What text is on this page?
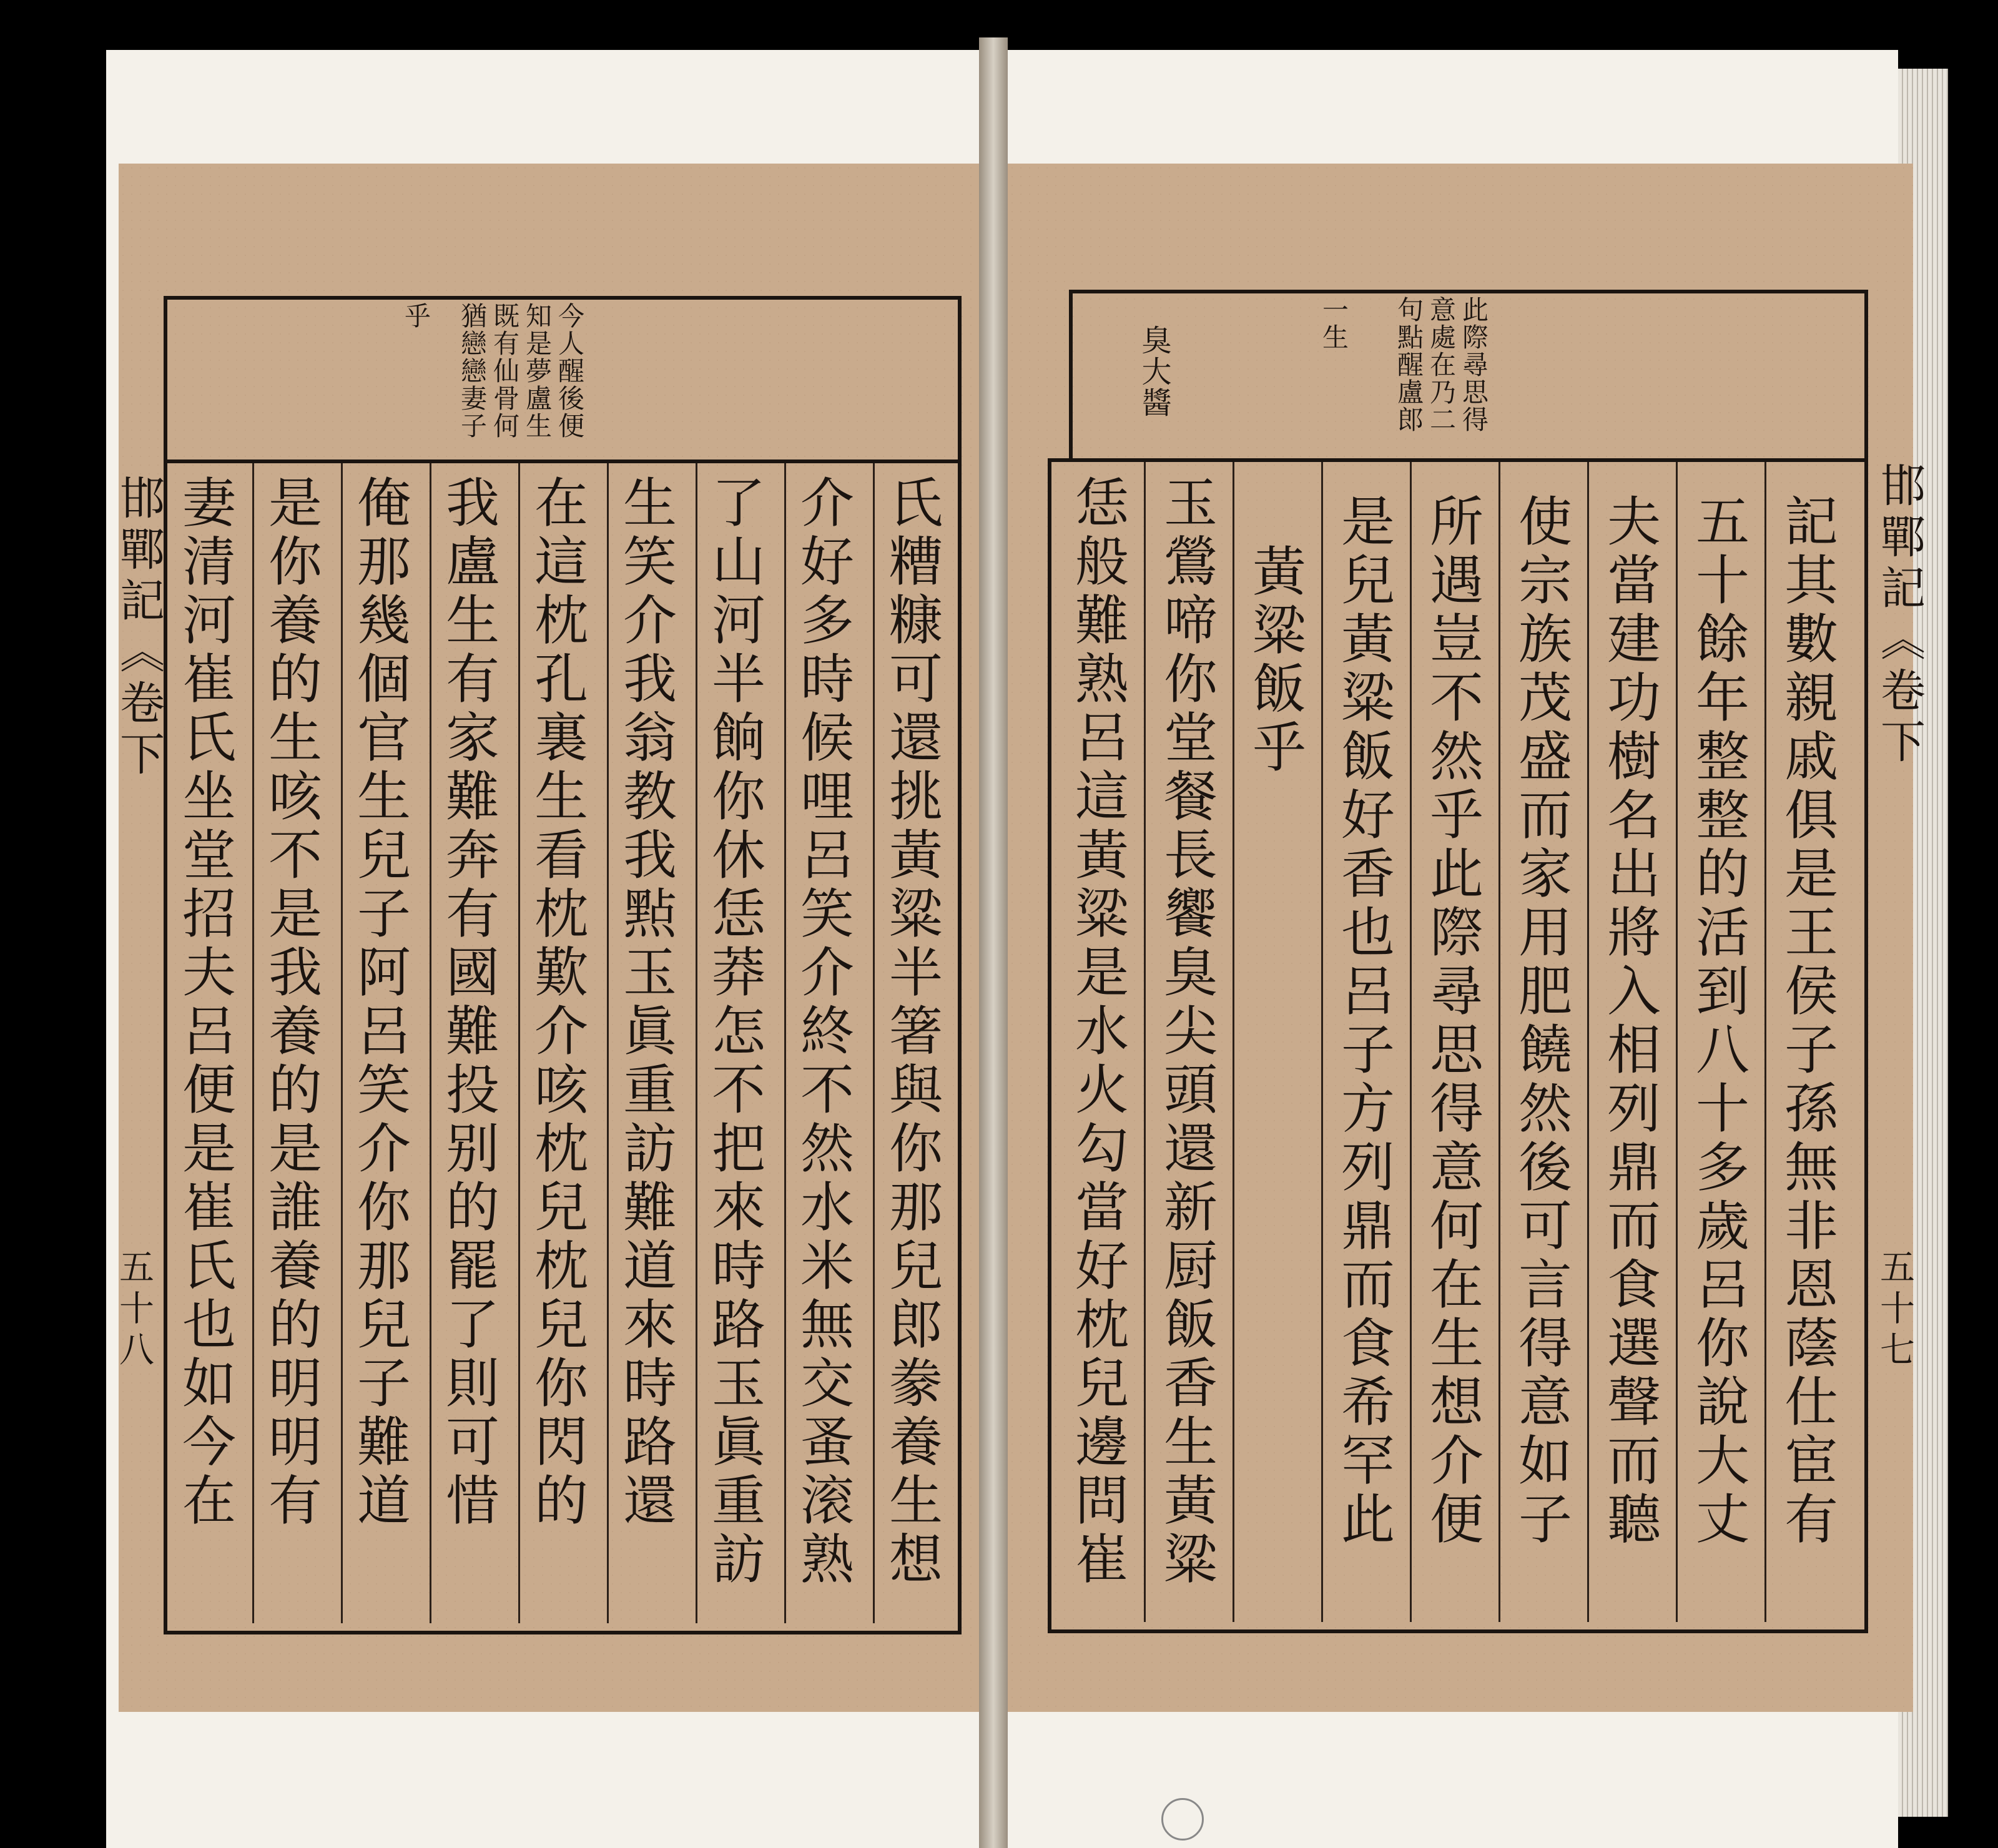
今人醒後便
知是夢盧生
既有仙骨何
猶戀戀妻子
乎
邯鄲記《卷下
五十八	氏糟糠可還挑黃粱半箸與你那兒郎豢養生想
介好多時候哩呂笑介終不然水米無交蚤滚熟
了山河半餉你休恁莽怎不把來時路玉眞重訪
生笑介我翁教我㸃玉眞重訪難道來時路還
在這枕孔裏生看枕歎介咳枕兒枕兒你閃的
我盧生有家難奔有國難投别的罷了則可惜
俺那幾個官生兒子阿呂笑介你那兒子難道
是你養的生咳不是我養的是誰養的明明有
妻清河崔氏坐堂招夫呂便是崔氏也如今在
此際尋思得
意處在乃二
句點醒盧郎
一生
臭大醬
邯鄲記《卷下
五十七
記其數親戚俱是王侯子孫無非恩蔭仕宦有
五十餘年整整的活到八十多歲呂你說大丈
夫當建功樹名出將入相列鼎而食選聲而聽
使宗族茂盛而家用肥饒然後可言得意如子
所遇豈不然乎此際尋思得意何在生想介便
是兒黃粱飯好香也呂子方列鼎而食希罕此
黃粱飯乎
玉鶯啼你堂餐長饗臭尖頭還新厨飯香生黃粱
恁般難熟呂這黃粱是水火勾當好枕兒邊問崔
